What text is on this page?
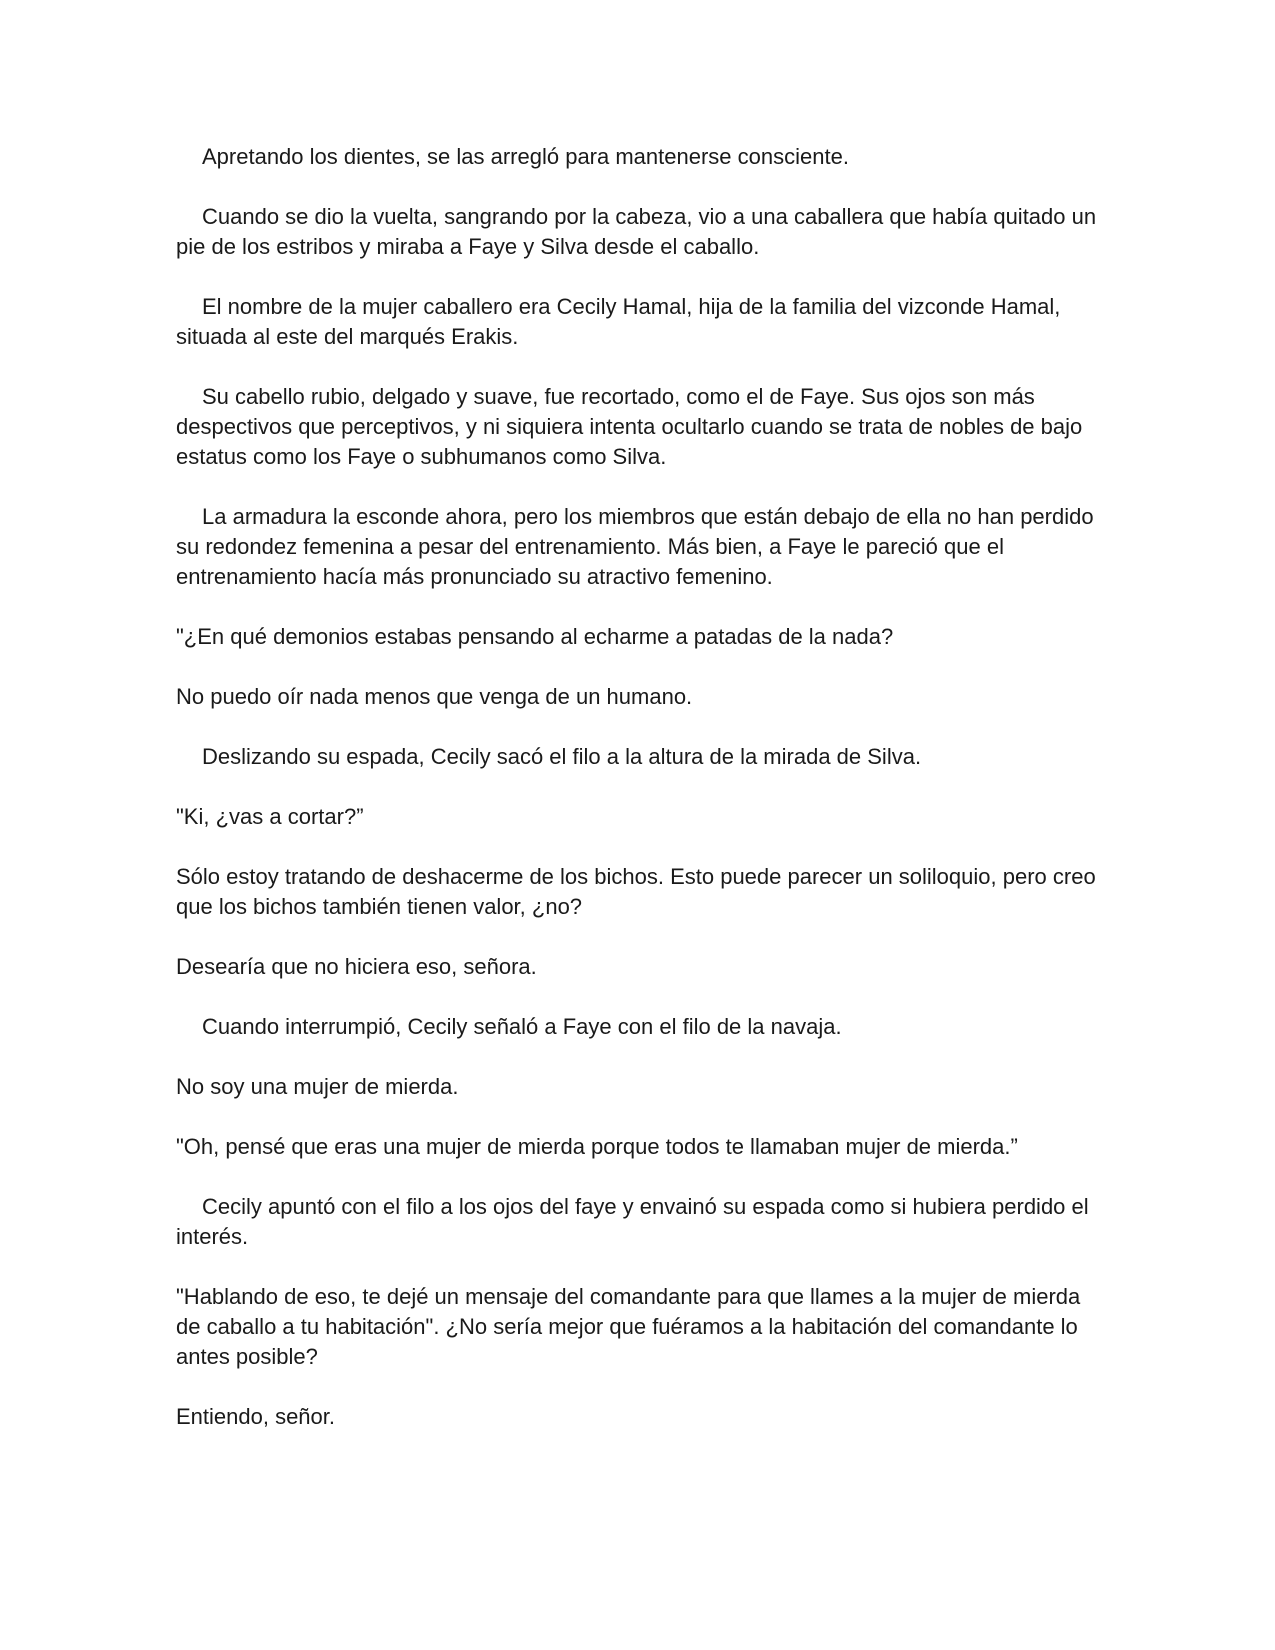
Apretando los dientes, se las arregló para mantenerse consciente.

Cuando se dio la vuelta, sangrando por la cabeza, vio a una caballera que había quitado un pie de los estribos y miraba a Faye y Silva desde el caballo.

El nombre de la mujer caballero era Cecily Hamal, hija de la familia del vizconde Hamal, situada al este del marqués Erakis.

Su cabello rubio, delgado y suave, fue recortado, como el de Faye. Sus ojos son más despectivos que perceptivos, y ni siquiera intenta ocultarlo cuando se trata de nobles de bajo estatus como los Faye o subhumanos como Silva.

La armadura la esconde ahora, pero los miembros que están debajo de ella no han perdido su redondez femenina a pesar del entrenamiento. Más bien, a Faye le pareció que el entrenamiento hacía más pronunciado su atractivo femenino.

"¿En qué demonios estabas pensando al echarme a patadas de la nada?

No puedo oír nada menos que venga de un humano.

Deslizando su espada, Cecily sacó el filo a la altura de la mirada de Silva.

"Ki, ¿vas a cortar?”

Sólo estoy tratando de deshacerme de los bichos. Esto puede parecer un soliloquio, pero creo que los bichos también tienen valor, ¿no?

Desearía que no hiciera eso, señora.

Cuando interrumpió, Cecily señaló a Faye con el filo de la navaja.

No soy una mujer de mierda.

"Oh, pensé que eras una mujer de mierda porque todos te llamaban mujer de mierda.”

Cecily apuntó con el filo a los ojos del faye y envainó su espada como si hubiera perdido el interés.

"Hablando de eso, te dejé un mensaje del comandante para que llames a la mujer de mierda de caballo a tu habitación". ¿No sería mejor que fuéramos a la habitación del comandante lo antes posible?

Entiendo, señor.
